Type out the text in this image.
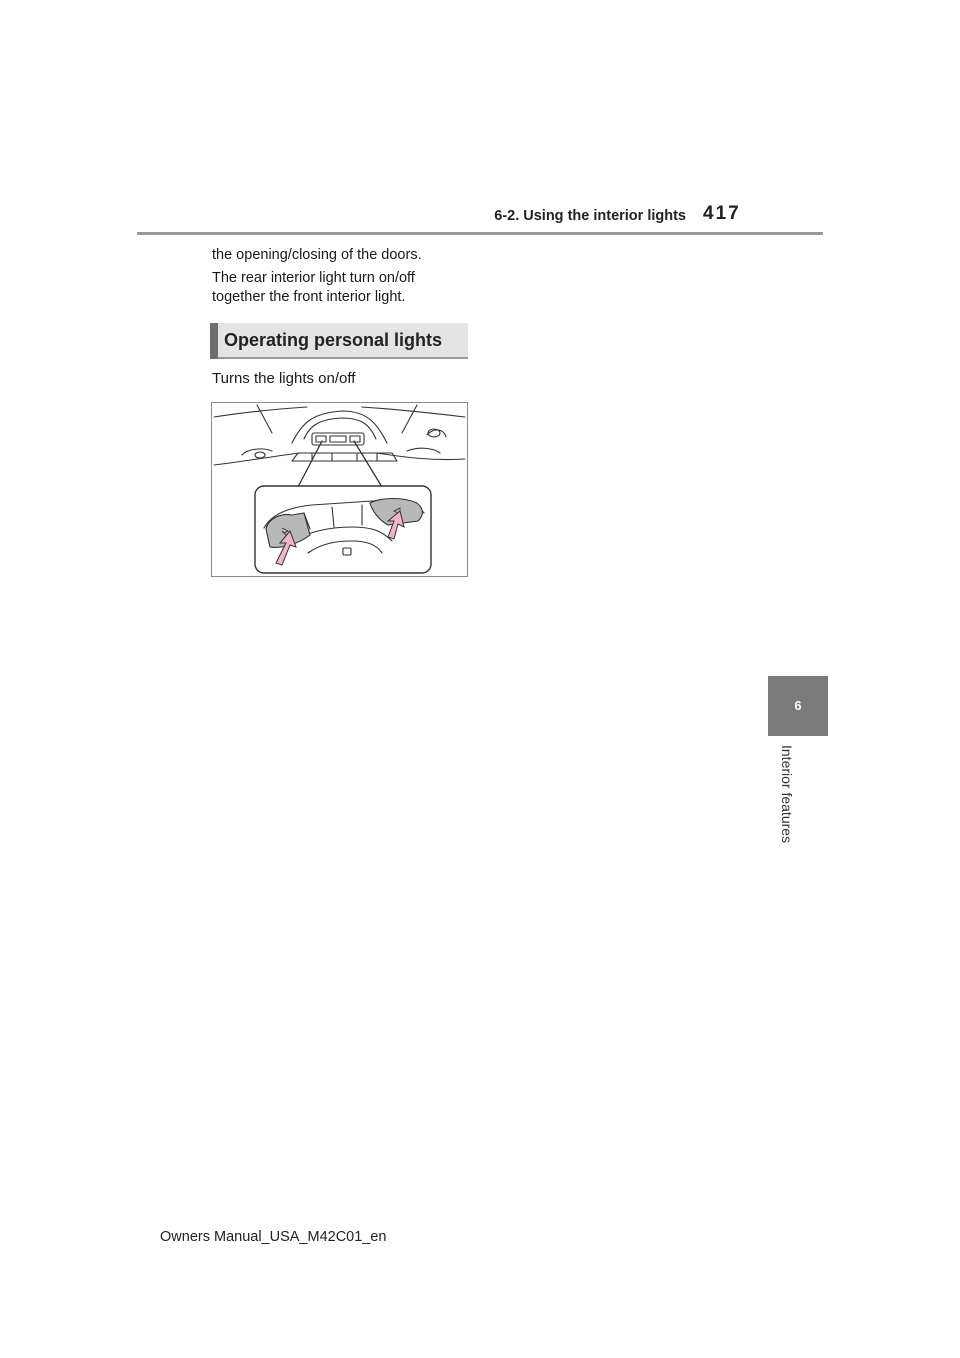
6-2. Using the interior lights 417
the opening/closing of the doors.
The rear interior light turn on/off together the front interior light.
Operating personal lights
Turns the lights on/off
6
Interior features
Owners Manual_USA_M42C01_en
